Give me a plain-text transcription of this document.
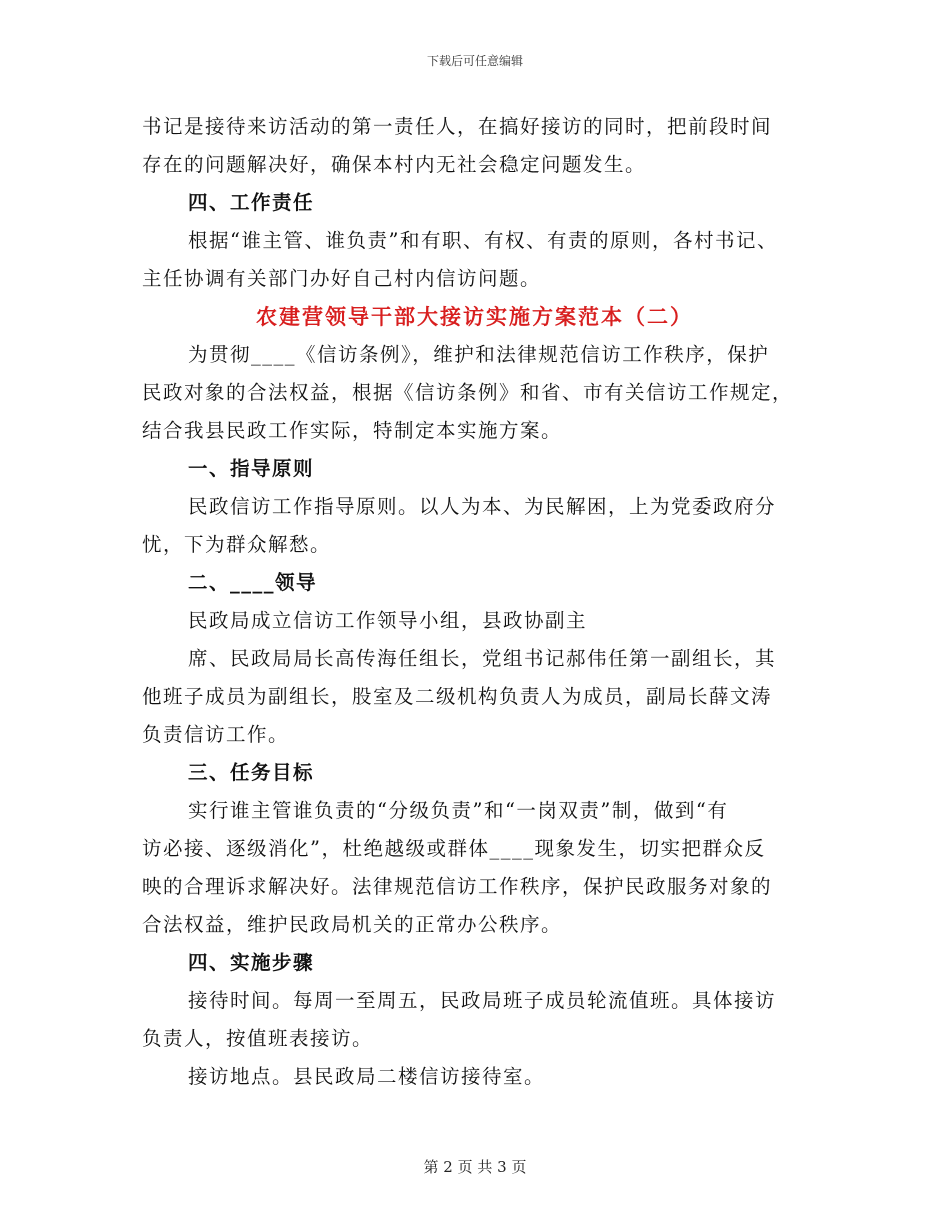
下载后可任意编辑
书记是接待来访活动的第一责任人，在搞好接访的同时，把前段时间
存在的问题解决好，确保本村内无社会稳定问题发生。
四、工作责任
根据“谁主管、谁负责”和有职、有权、有责的原则，各村书记、
主任协调有关部门办好自己村内信访问题。
农建营领导干部大接访实施方案范本（二）
为贯彻____《信访条例》，维护和法律规范信访工作秩序，保护
民政对象的合法权益，根据《信访条例》和省、市有关信访工作规定，
结合我县民政工作实际，特制定本实施方案。
一、指导原则
民政信访工作指导原则。以人为本、为民解困，上为党委政府分
忧，下为群众解愁。
二、____领导
民政局成立信访工作领导小组，县政协副主
席、民政局局长高传海任组长，党组书记郝伟任第一副组长，其
他班子成员为副组长，股室及二级机构负责人为成员，副局长薛文涛
负责信访工作。
三、任务目标
实行谁主管谁负责的“分级负责”和“一岗双责”制，做到“有
访必接、逐级消化”，杜绝越级或群体____现象发生，切实把群众反
映的合理诉求解决好。法律规范信访工作秩序，保护民政服务对象的
合法权益，维护民政局机关的正常办公秩序。
四、实施步骤
接待时间。每周一至周五，民政局班子成员轮流值班。具体接访
负责人，按值班表接访。
接访地点。县民政局二楼信访接待室。
第 2 页 共 3 页
